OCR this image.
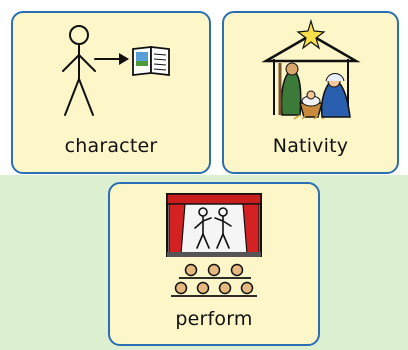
character	Nativity
perform
